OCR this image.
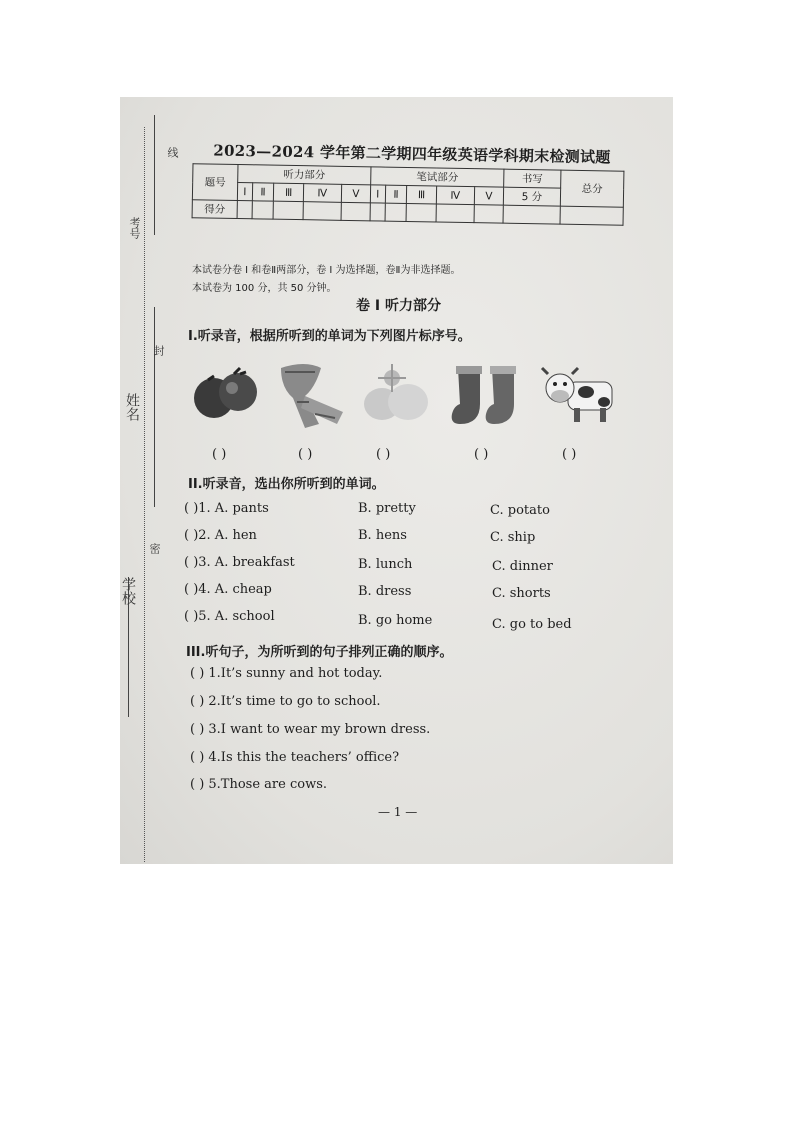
线
考号
封
姓名
密
学校
2023—2024 学年第二学期四年级英语学科期末检测试题
题号	听力部分					笔试部分					书写	总分
	Ⅰ	Ⅱ	Ⅲ	Ⅳ	Ⅴ	Ⅰ	Ⅱ	Ⅲ	Ⅳ	Ⅴ	5 分	
得分												
本试卷分卷 I 和卷Ⅱ两部分，卷 I 为选择题，卷Ⅱ为非选择题。
本试卷为 100 分，共 50 分钟。
卷 I 听力部分
I.听录音，根据所听到的单词为下列图片标序号。
( )	( )	( )	( )	( )
II.听录音，选出你所听到的单词。
( )1. A. pants	B. pretty	C. potato
( )2. A. hen	B. hens	C. ship
( )3. A. breakfast	B. lunch	C. dinner
( )4. A. cheap	B. dress	C. shorts
( )5. A. school	B. go home	C. go to bed
III.听句子，为所听到的句子排列正确的顺序。
( ) 1.It’s sunny and hot today.
( ) 2.It’s time to go to school.
( ) 3.I want to wear my brown dress.
( ) 4.Is this the teachers’ office?
( ) 5.Those are cows.
— 1 —
